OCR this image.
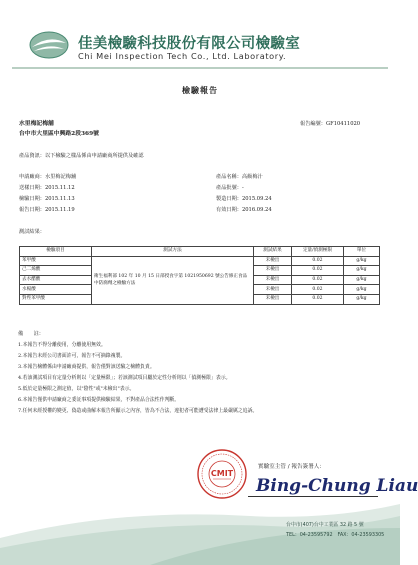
佳美檢驗科技股份有限公司檢驗室
Chi Mei Inspection Tech Co., Ltd. Laboratory.
檢驗報告
水里梅記梅舖
台中市大里區中興路2段369號
報告編號：GF10411020
產品資訊：以下檢驗之樣品係由申請廠商所提供及確認
申請廠商：水里梅記梅舖	產品名稱：高級梅汁
送樣日期：2015.11.12	產品批號：-
檢驗日期：2015.11.13	製造日期：2015.09.24
報告日期：2015.11.19	有效日期：2016.09.24
測試結果：
檢驗項目	測試方法	測試結果	定量/偵測極限	單位
苯甲酸	衛生福利部 102 年 10 月 15 日部授食字第 1021950692 號公告修正食品中防腐劑之檢驗方法	未檢出	0.02	g/kg
己二烯酸		未檢出	0.02	g/kg
去水醋酸		未檢出	0.02	g/kg
水楊酸		未檢出	0.02	g/kg
對羥苯甲酸		未檢出	0.02	g/kg
備　　註：
1.本報告不得分離使用，分離使用無效。
2.本報告未經公司書面許可，報告不可摘錄複製。
3.本報告檢體係由申請廠商提供，報告僅對該送驗之檢體負責。
4.若該測試項目有定量分析則以「定量極限」；若該測試項目屬於定性分析則以「偵測極限」表示。
5.低於定量極限之測定值，以"陰性"或"未檢出"表示。
6.本報告僅供申請廠商之委託事項提供檢驗結果，不對產品合法性作判斷。
7.任何未經授權的變更、偽造或曲解本報告所顯示之內容，皆為不合法，違犯者可能遭受法律上最嚴厲之追訴。
CMIT
實驗室主管 / 報告簽署人：
Bing-Chung Liau
台中市(407)台中工業區 32 路 5 號
TEL：04-23595792　FAX：04-23593305
